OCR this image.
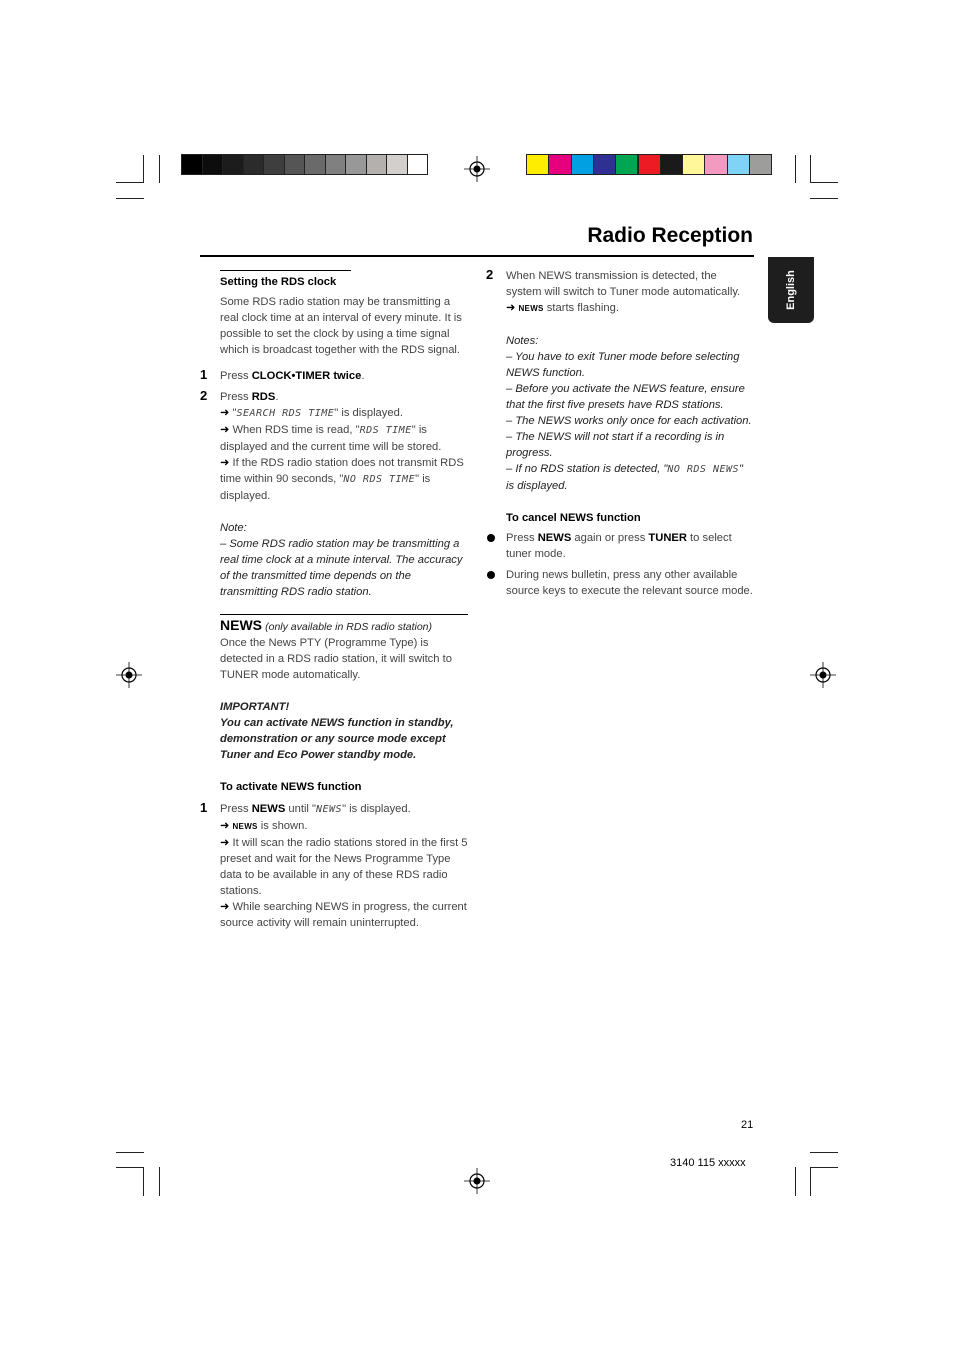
Radio Reception
English

Setting the RDS clock

Some RDS radio station may be transmitting a real clock time at an interval of every minute. It is possible to set the clock by using a time signal which is broadcast together with the RDS signal.

1 Press CLOCK•TIMER twice.
2 Press RDS.

➜ "SEARCH RDS TIME" is displayed.

➜ When RDS time is read, "RDS TIME" is displayed and the current time will be stored.

➜ If the RDS radio station does not transmit RDS time within 90 seconds, "NO RDS TIME" is displayed.

Note:

– Some RDS radio station may be transmitting a real time clock at a minute interval. The accuracy of the transmitted time depends on the transmitting RDS radio station.

NEWS (only available in RDS radio station)

Once the News PTY (Programme Type) is detected in a RDS radio station, it will switch to TUNER mode automatically.

IMPORTANT!

You can activate NEWS function in standby, demonstration or any source mode except Tuner and Eco Power standby mode.

To activate NEWS function

1 Press NEWS until "NEWS" is displayed.

➜ NEWS is shown.

➜ It will scan the radio stations stored in the first 5 preset and wait for the News Programme Type data to be available in any of these RDS radio stations.

➜ While searching NEWS in progress, the current source activity will remain uninterrupted.

2 When NEWS transmission is detected, the system will switch to Tuner mode automatically.

➜ NEWS starts flashing.

Notes:

– You have to exit Tuner mode before selecting NEWS function.

– Before you activate the NEWS feature, ensure that the first five presets have RDS stations.

– The NEWS works only once for each activation.

– The NEWS will not start if a recording is in progress.

– If no RDS station is detected, "NO RDS NEWS" is displayed.

To cancel NEWS function

Press NEWS again or press TUNER to select tuner mode.
During news bulletin, press any other available source keys to execute the relevant source mode.
21
3140 115 xxxxx
